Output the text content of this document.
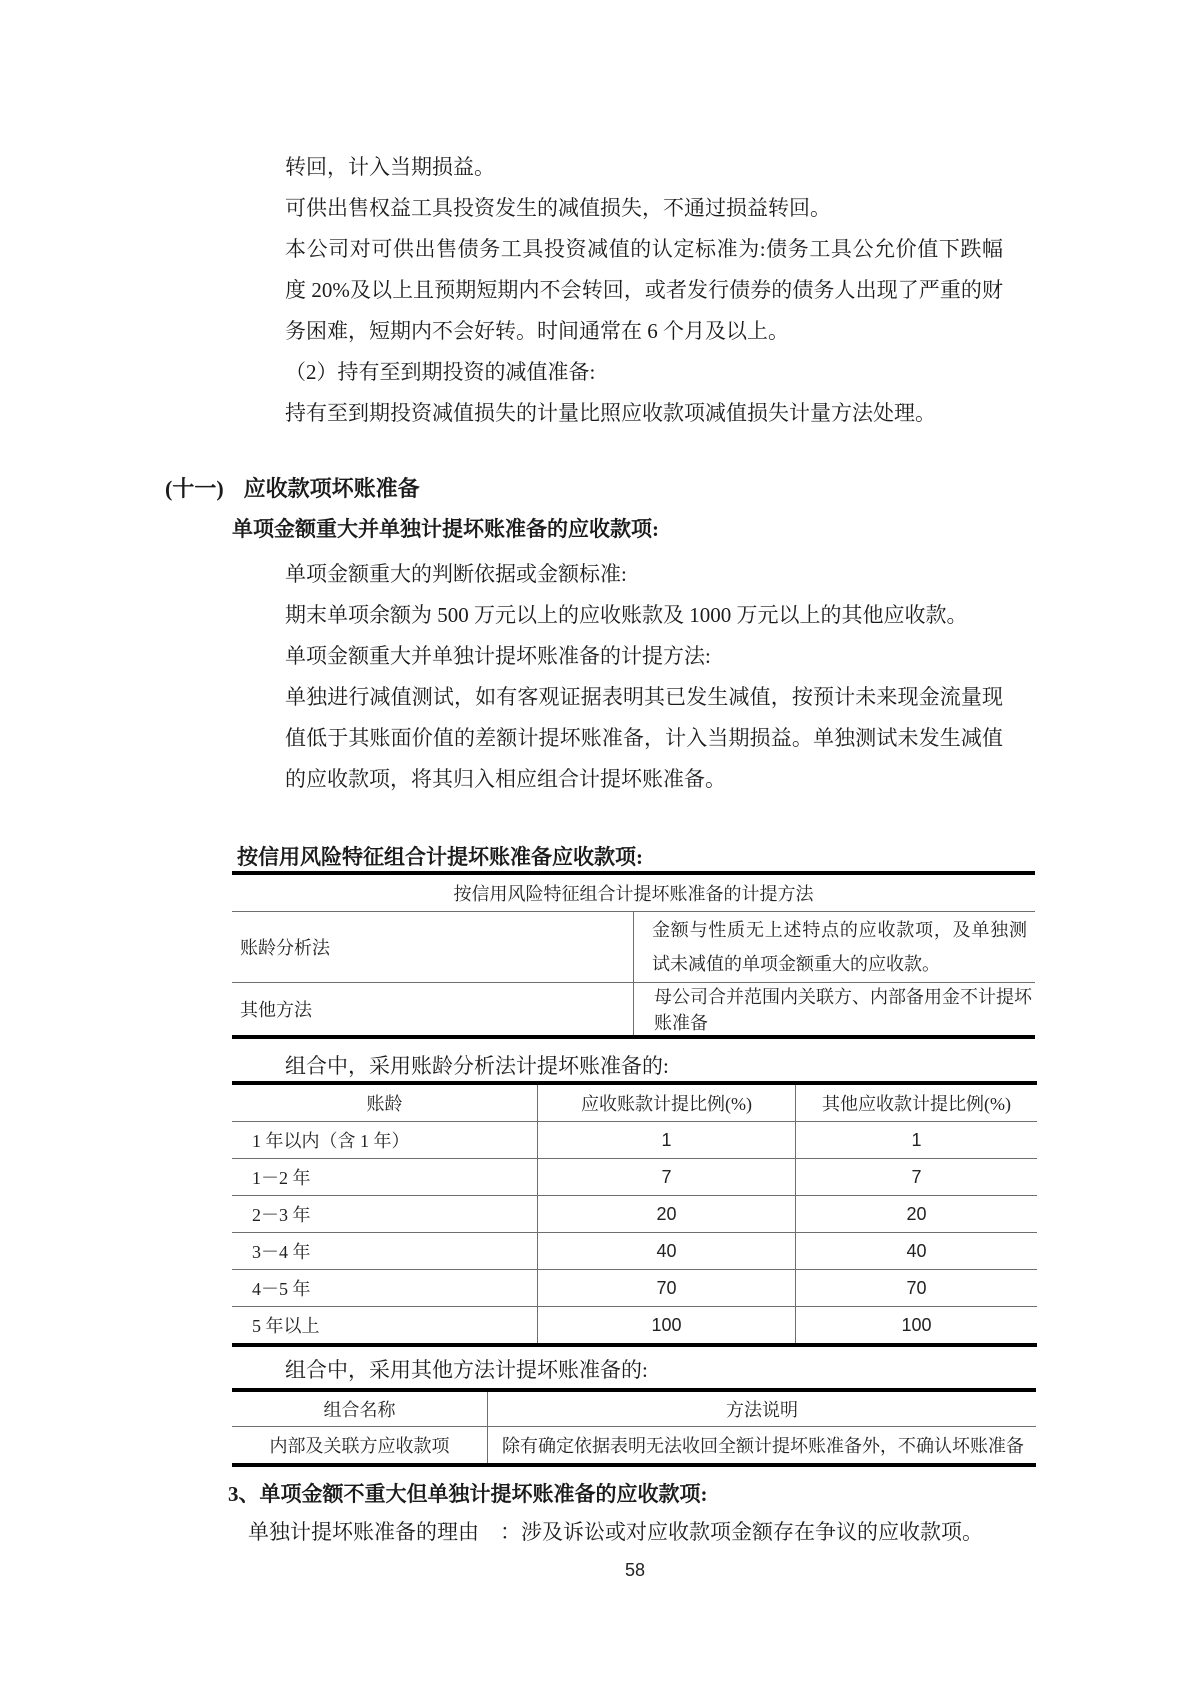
转回，计入当期损益。

可供出售权益工具投资发生的减值损失，不通过损益转回。

本公司对可供出售债务工具投资减值的认定标准为:债务工具公允价值下跌幅度 20%及以上且预期短期内不会转回，或者发行债券的债务人出现了严重的财务困难，短期内不会好转。时间通常在 6 个月及以上。

（2）持有至到期投资的减值准备:

持有至到期投资减值损失的计量比照应收款项减值损失计量方法处理。

(十一) 应收款项坏账准备

单项金额重大并单独计提坏账准备的应收款项:

单项金额重大的判断依据或金额标准:

期末单项余额为 500 万元以上的应收账款及 1000 万元以上的其他应收款。

单项金额重大并单独计提坏账准备的计提方法:

单独进行减值测试，如有客观证据表明其已发生减值，按预计未来现金流量现值低于其账面价值的差额计提坏账准备，计入当期损益。单独测试未发生减值的应收款项，将其归入相应组合计提坏账准备。

按信用风险特征组合计提坏账准备应收款项:
按信用风险特征组合计提坏账准备的计提方法	
账龄分析法	金额与性质无上述特点的应收款项，及单独测试未减值的单项金额重大的应收款。
其他方法	母公司合并范围内关联方、内部备用金不计提坏账准备

组合中，采用账龄分析法计提坏账准备的:

账龄	应收账款计提比例(%)	其他应收款计提比例(%)
1 年以内（含 1 年）	1	1
1－2 年	7	7
2－3 年	20	20
3－4 年	40	40
4－5 年	70	70
5 年以上	100	100

组合中，采用其他方法计提坏账准备的:

组合名称	方法说明
内部及关联方应收款项	除有确定依据表明无法收回全额计提坏账准备外，不确认坏账准备

3、单项金额不重大但单独计提坏账准备的应收款项:

单独计提坏账准备的理由　：涉及诉讼或对应收款项金额存在争议的应收款项。

58
